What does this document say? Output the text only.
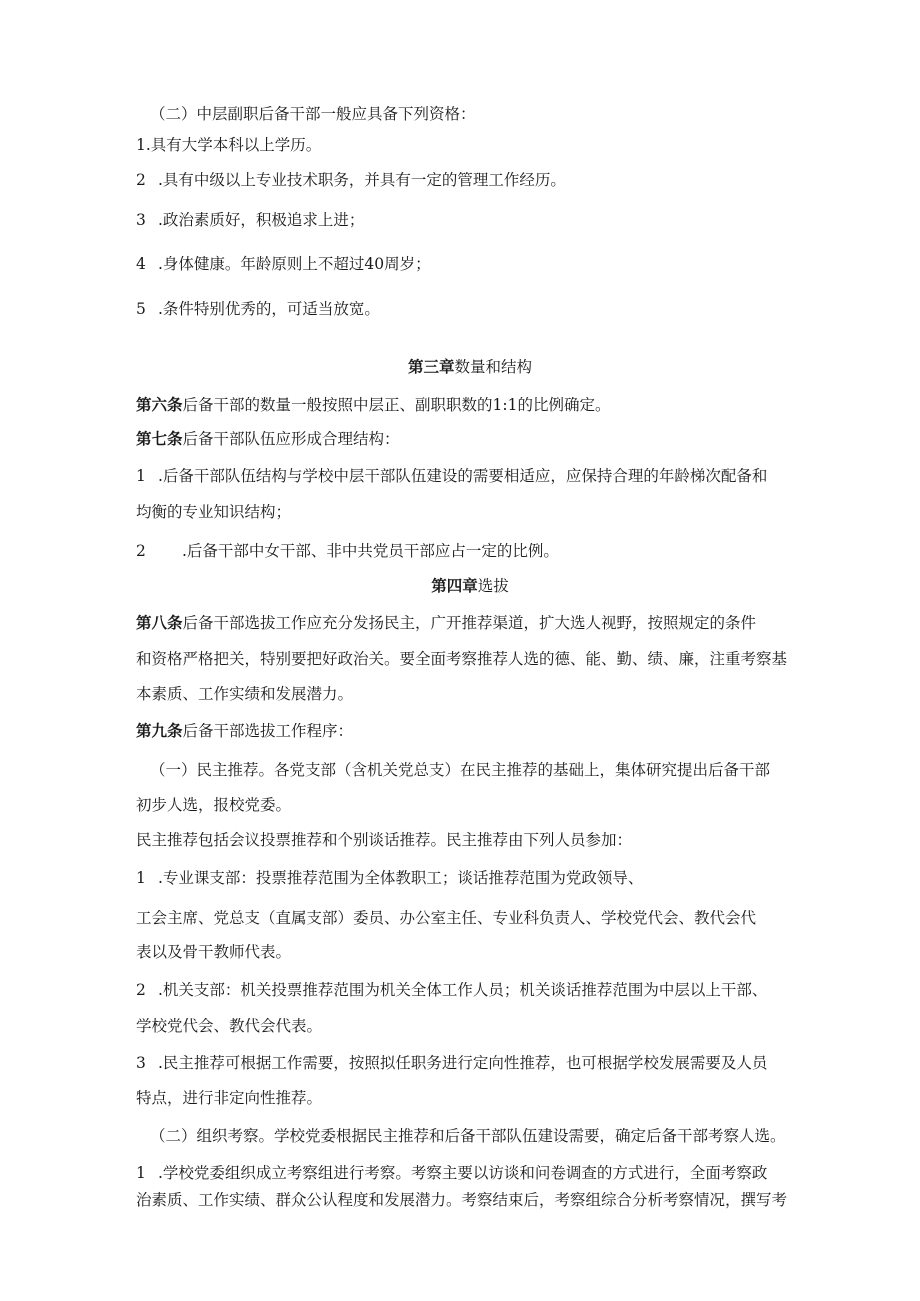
（二）中层副职后备干部一般应具备下列资格：

1.具有大学本科以上学历。

2 .具有中级以上专业技术职务，并具有一定的管理工作经历。

3 .政治素质好，积极追求上进；

4 .身体健康。年龄原则上不超过40周岁；

5 .条件特别优秀的，可适当放宽。

第三章数量和结构

第六条后备干部的数量一般按照中层正、副职职数的1:1的比例确定。

第七条后备干部队伍应形成合理结构：

1 .后备干部队伍结构与学校中层干部队伍建设的需要相适应，应保持合理的年龄梯次配备和

均衡的专业知识结构；

2 .后备干部中女干部、非中共党员干部应占一定的比例。

第四章选拔

第八条后备干部选拔工作应充分发扬民主，广开推荐渠道，扩大选人视野，按照规定的条件

和资格严格把关，特别要把好政治关。要全面考察推荐人选的德、能、勤、绩、廉，注重考察基

本素质、工作实绩和发展潜力。

第九条后备干部选拔工作程序：

（一）民主推荐。各党支部（含机关党总支）在民主推荐的基础上，集体研究提出后备干部

初步人选，报校党委。

民主推荐包括会议投票推荐和个别谈话推荐。民主推荐由下列人员参加：

1 .专业课支部：投票推荐范围为全体教职工；谈话推荐范围为党政领导、

工会主席、党总支（直属支部）委员、办公室主任、专业科负责人、学校党代会、教代会代

表以及骨干教师代表。

2 .机关支部：机关投票推荐范围为机关全体工作人员；机关谈话推荐范围为中层以上干部、

学校党代会、教代会代表。

3 .民主推荐可根据工作需要，按照拟任职务进行定向性推荐，也可根据学校发展需要及人员

特点，进行非定向性推荐。

（二）组织考察。学校党委根据民主推荐和后备干部队伍建设需要，确定后备干部考察人选。

1 .学校党委组织成立考察组进行考察。考察主要以访谈和问卷调查的方式进行，全面考察政

治素质、工作实绩、群众公认程度和发展潜力。考察结束后，考察组综合分析考察情况，撰写考
